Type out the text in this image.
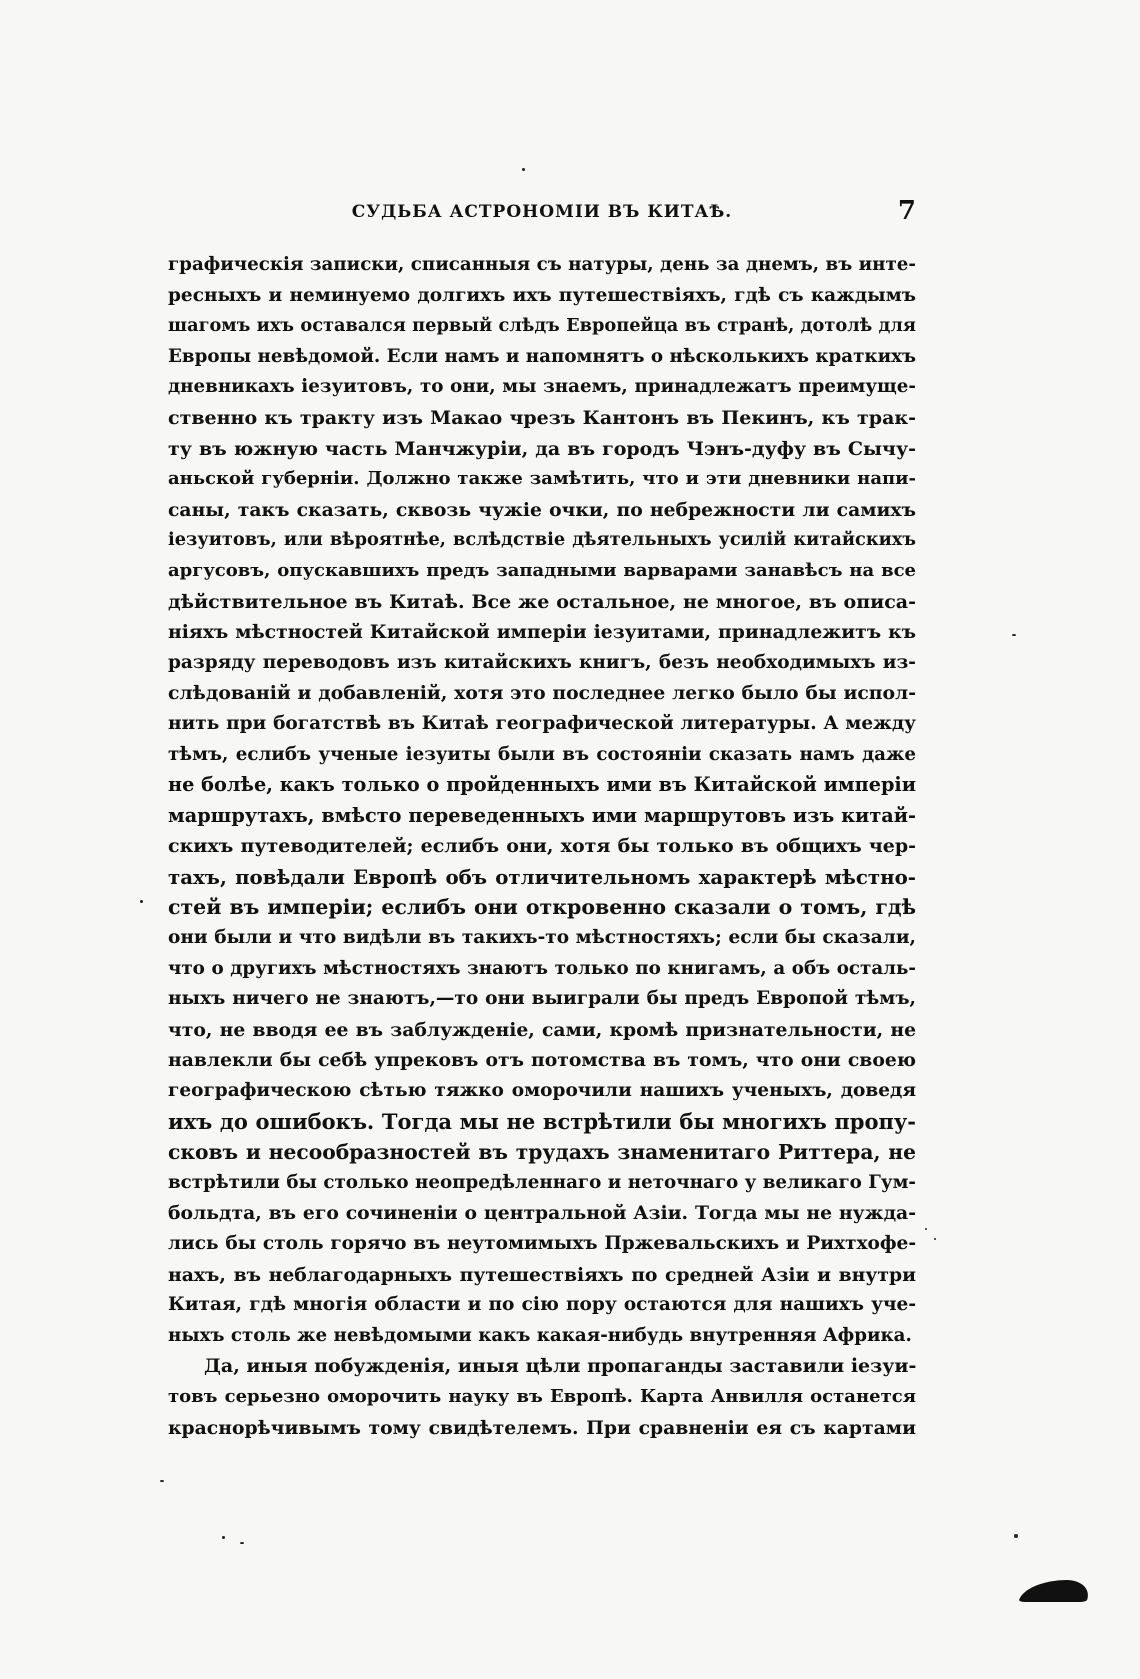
СУДЬБА АСТРОНОМІИ ВЪ КИТАѢ.	7
графическія записки, списанныя съ натуры, день за днемъ, въ инте-
ресныхъ и неминуемо долгихъ ихъ путешествіяхъ, гдѣ съ каждымъ
шагомъ ихъ оставался первый слѣдъ Европейца въ странѣ, дотолѣ для
Европы невѣдомой. Если намъ и напомнятъ о нѣсколькихъ краткихъ
дневникахъ іезуитовъ, то они, мы знаемъ, принадлежатъ преимуще-
ственно къ тракту изъ Макао чрезъ Кантонъ въ Пекинъ, къ трак-
ту въ южную часть Манчжуріи, да въ городъ Чэнъ-дуфу въ Сычу-
аньской губерніи. Должно также замѣтить, что и эти дневники напи-
саны, такъ сказать, сквозь чужіе очки, по небрежности ли самихъ
іезуитовъ, или вѣроятнѣе, вслѣдствіе дѣятельныхъ усилій китайскихъ
аргусовъ, опускавшихъ предъ западными варварами занавѣсъ на все
дѣйствительное въ Китаѣ. Все же остальное, не многое, въ описа-
ніяхъ мѣстностей Китайской имперіи іезуитами, принадлежитъ къ
разряду переводовъ изъ китайскихъ книгъ, безъ необходимыхъ из-
слѣдованій и добавленій, хотя это последнее легко было бы испол-
нить при богатствѣ въ Китаѣ географической литературы. А между
тѣмъ, еслибъ ученые іезуиты были въ состояніи сказать намъ даже
не болѣе, какъ только о пройденныхъ ими въ Китайской имперіи
маршрутахъ, вмѣсто переведенныхъ ими маршрутовъ изъ китай-
скихъ путеводителей; еслибъ они, хотя бы только въ общихъ чер-
тахъ, повѣдали Европѣ объ отличительномъ характерѣ мѣстно-
стей въ имперіи; еслибъ они откровенно сказали о томъ, гдѣ
они были и что видѣли въ такихъ-то мѣстностяхъ; если бы сказали,
что о другихъ мѣстностяхъ знаютъ только по книгамъ, а объ осталь-
ныхъ ничего не знаютъ,—то они выиграли бы предъ Европой тѣмъ,
что, не вводя ее въ заблужденіе, сами, кромѣ признательности, не
навлекли бы себѣ упрековъ отъ потомства въ томъ, что они своею
географическою сѣтью тяжко оморочили нашихъ ученыхъ, доведя
ихъ до ошибокъ. Тогда мы не встрѣтили бы многихъ пропу-
сковъ и несообразностей въ трудахъ знаменитаго Риттера, не
встрѣтили бы столько неопредѣленнаго и неточнаго у великаго Гум-
больдта, въ его сочиненіи о центральной Азіи. Тогда мы не нужда-
лись бы столь горячо въ неутомимыхъ Пржевальскихъ и Рихтхофе-
нахъ, въ неблагодарныхъ путешествіяхъ по средней Азіи и внутри
Китая, гдѣ многія области и по сію пору остаются для нашихъ уче-
ныхъ столь же невѣдомыми какъ какая-нибудь внутренняя Африка.
Да, иныя побужденія, иныя цѣли пропаганды заставили іезуи-
товъ серьезно оморочить науку въ Европѣ. Карта Анвилля останется
краснорѣчивымъ тому свидѣтелемъ. При сравненіи ея съ картами
